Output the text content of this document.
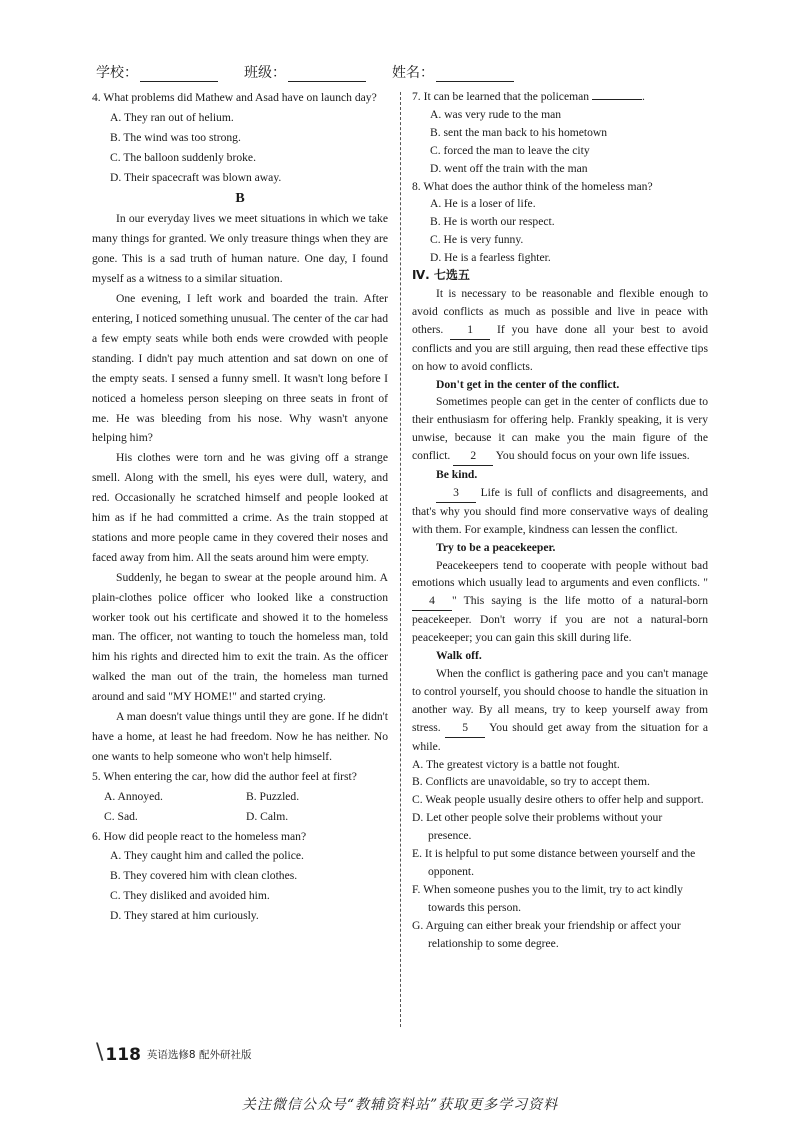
学校：	班级：	姓名：

4. What problems did Mathew and Asad have on launch day?

A. They ran out of helium.
B. The wind was too strong.
C. The balloon suddenly broke.
D. Their spacecraft was blown away.
B

In our everyday lives we meet situations in which we take many things for granted. We only treasure things when they are gone. This is a sad truth of human nature. One day, I found myself as a witness to a similar situation.

One evening, I left work and boarded the train. After entering, I noticed something unusual. The center of the car had a few empty seats while both ends were crowded with people standing. I didn't pay much attention and sat down on one of the empty seats. I sensed a funny smell. It wasn't long before I noticed a homeless person sleeping on three seats in front of me. He was bleeding from his nose. Why wasn't anyone helping him?

His clothes were torn and he was giving off a strange smell. Along with the smell, his eyes were dull, watery, and red. Occasionally he scratched himself and people looked at him as if he had committed a crime. As the train stopped at stations and more people came in they covered their noses and faced away from him. All the seats around him were empty.

Suddenly, he began to swear at the people around him. A plain-clothes police officer who looked like a construction worker took out his certificate and showed it to the homeless man. The officer, not wanting to touch the homeless man, told him his rights and directed him to exit the train. As the officer walked the man out of the train, the homeless man turned around and said "MY HOME!" and started crying.

A man doesn't value things until they are gone. If he didn't have a home, at least he had freedom. Now he has neither. No one wants to help someone who won't help himself.

5. When entering the car, how did the author feel at first?

A. Annoyed.	B. Puzzled.
C. Sad.	D. Calm.

6. How did people react to the homeless man?

A. They caught him and called the police.
B. They covered him with clean clothes.
C. They disliked and avoided him.
D. They stared at him curiously.

7. It can be learned that the policeman	.

A. was very rude to the man
B. sent the man back to his hometown
C. forced the man to leave the city
D. went off the train with the man

8. What does the author think of the homeless man?

A. He is a loser of life.
B. He is worth our respect.
C. He is very funny.
D. He is a fearless fighter.
Ⅳ. 七选五

It is necessary to be reasonable and flexible enough to avoid conflicts as much as possible and live in peace with others. 1 If you have done all your best to avoid conflicts and you are still arguing, then read these effective tips on how to avoid conflicts.

Don't get in the center of the conflict.

Sometimes people can get in the center of conflicts due to their enthusiasm for offering help. Frankly speaking, it is very unwise, because it can make you the main figure of the conflict. 2 You should focus on your own life issues.

Be kind.

3 Life is full of conflicts and disagreements, and that's why you should find more conservative ways of dealing with them. For example, kindness can lessen the conflict.

Try to be a peacekeeper.

Peacekeepers tend to cooperate with people without bad emotions which usually lead to arguments and even conflicts. "4 " This saying is the life motto of a natural-born peacekeeper. Don't worry if you are not a natural-born peacekeeper; you can gain this skill during life.

Walk off.

When the conflict is gathering pace and you can't manage to control yourself, you should choose to handle the situation in another way. By all means, try to keep yourself away from stress. 5 You should get away from the situation for a while.

A. The greatest victory is a battle not fought.
B. Conflicts are unavoidable, so try to accept them.
C. Weak people usually desire others to offer help and support.
D. Let other people solve their problems without your presence.
E. It is helpful to put some distance between yourself and the opponent.
F. When someone pushes you to the limit, try to act kindly towards this person.
G. Arguing can either break your friendship or affect your relationship to some degree.
\ 118 英语选修8 配外研社版
关注微信公众号“教辅资料站”获取更多学习资料
